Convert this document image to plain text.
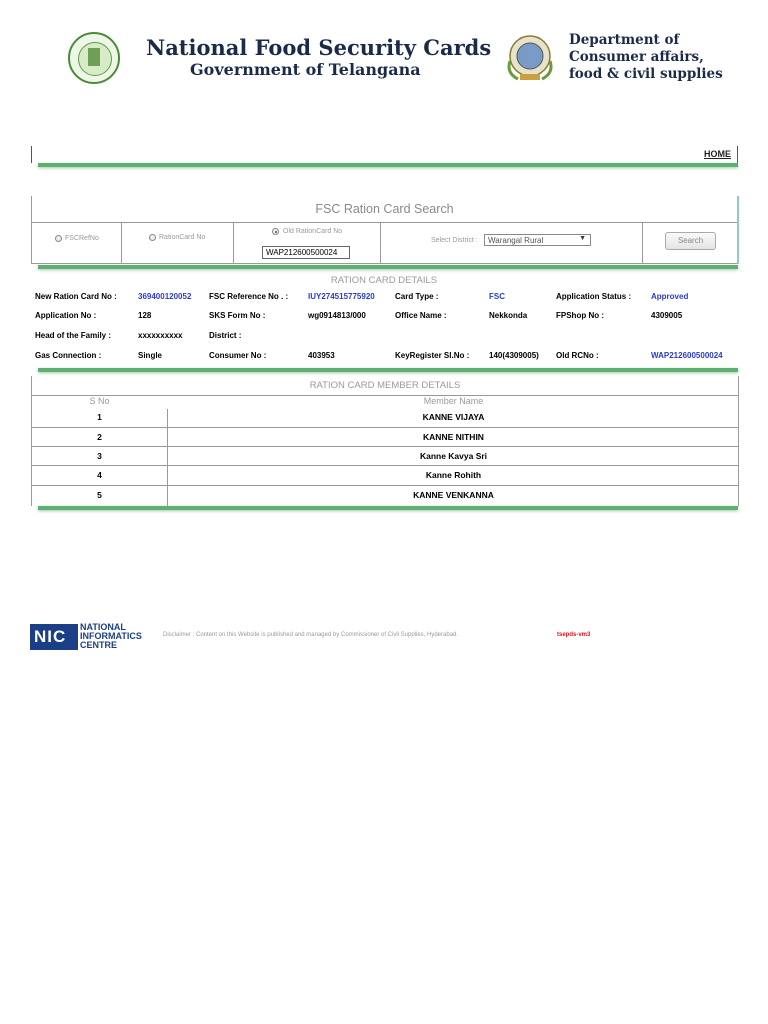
National Food Security Cards
Government of Telangana
Department of
Consumer affairs,
food & civil supplies
HOME
FSC Ration Card Search
FSCRefNo	RationCard No
Old RationCard No
WAP212600500024
Select District :	Warangal Rural	▼	Search
RATION CARD DETAILS
New Ration Card No :	369400120052 FSC Reference No . : IUY274515775920	Card Type :	FSC	Application Status : Approved
Application No :	128	SKS Form No :	wg0914813/000	Office Name :	Nekkonda	FPShop No :	4309005
Head of the Family :	xxxxxxxxxx	District :
Gas Connection :	Single	Consumer No :	403953	KeyRegister Sl.No : 140(4309005) Old RCNo :	WAP212600500024
RATION CARD MEMBER DETAILS
S No	Member Name
1	KANNE VIJAYA
2	KANNE NITHIN
3	Kanne Kavya Sri
4	Kanne Rohith
5	KANNE VENKANNA
NIC NATIONAL
INFORMATICS
CENTRE
Disclaimer : Content on this Website is published and managed by Commissioner of Civil Supplies, Hyderabad.	tsepds-vm3
